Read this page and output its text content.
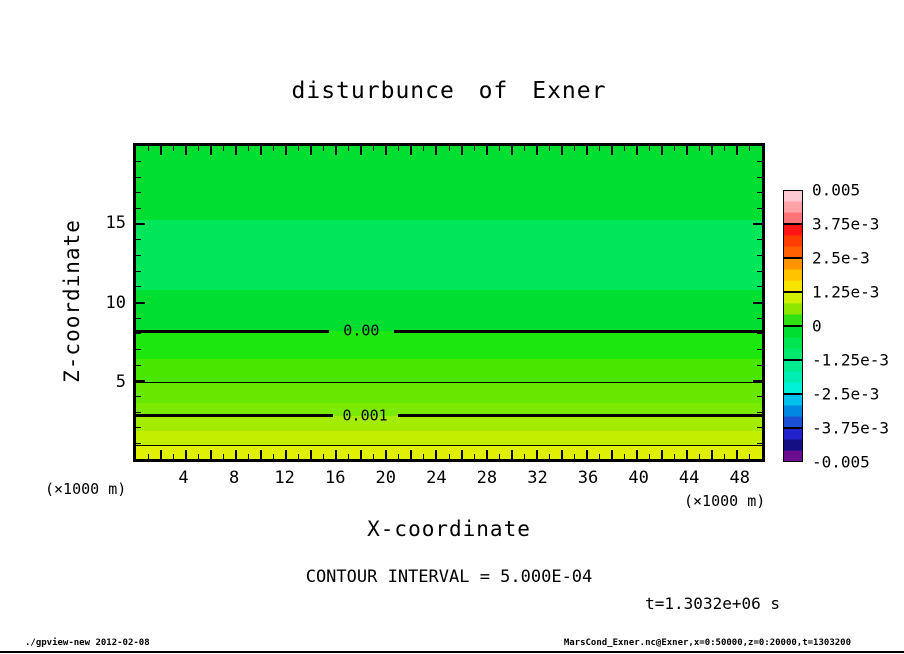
disturbunce of Exner
0.00
0.001
4 8 12 16 20 24 28 32 36 40 44 48
5
10
15
X-coordinate
Z-coordinate
(×1000 m)
(×1000 m)
CONTOUR INTERVAL = 5.000E-04
t=1.3032e+06 s
0.005
3.75e-3
2.5e-3
1.25e-3
0
-1.25e-3
-2.5e-3
-3.75e-3
-0.005
./gpview-new 2012-02-08	MarsCond_Exner.nc@Exner,x=0:50000,z=0:20000,t=1303200
